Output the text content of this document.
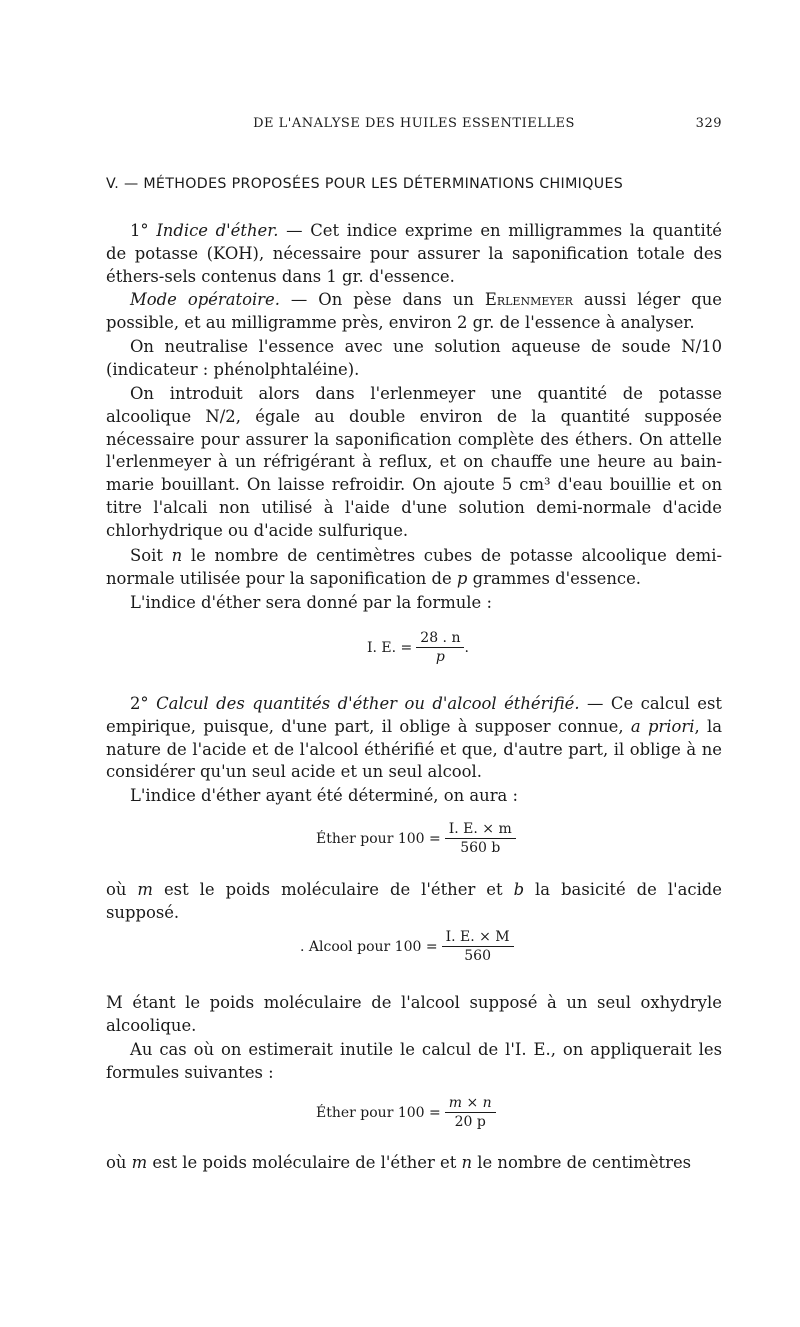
DE L'ANALYSE DES HUILES ESSENTIELLES	329
V. — MÉTHODES PROPOSÉES POUR LES DÉTERMINATIONS CHIMIQUES

1° Indice d'éther. — Cet indice exprime en milligrammes la quantité de potasse (KOH), nécessaire pour assurer la saponification totale des éthers-sels contenus dans 1 gr. d'essence.

Mode opératoire. — On pèse dans un Erlenmeyer aussi léger que possible, et au milligramme près, environ 2 gr. de l'essence à analyser.

On neutralise l'essence avec une solution aqueuse de soude N/10 (indicateur : phénolphtaléine).

On introduit alors dans l'erlenmeyer une quantité de potasse alcoolique N/2, égale au double environ de la quantité supposée nécessaire pour assurer la saponification complète des éthers. On attelle l'erlenmeyer à un réfrigérant à reflux, et on chauffe une heure au bain-marie bouillant. On laisse refroidir. On ajoute 5 cm³ d'eau bouillie et on titre l'alcali non utilisé à l'aide d'une solution demi-normale d'acide chlorhydrique ou d'acide sulfurique.

Soit n le nombre de centimètres cubes de potasse alcoolique demi-normale utilisée pour la saponification de p grammes d'essence.

L'indice d'éther sera donné par la formule :

I. E. = $\frac{28 . n}{p}$ .

2° Calcul des quantités d'éther ou d'alcool éthérifié. — Ce calcul est empirique, puisque, d'une part, il oblige à supposer connue, a priori, la nature de l'acide et de l'alcool éthérifié et que, d'autre part, il oblige à ne considérer qu'un seul acide et un seul alcool.

L'indice d'éther ayant été déterminé, on aura :

Éther pour $100 = \frac{I. E. \times m}{560 b}$

où m est le poids moléculaire de l'éther et b la basicité de l'acide supposé.

. Alcool pour $100 = \frac{I. E. \times M}{560}$

M étant le poids moléculaire de l'alcool supposé à un seul oxhydryle alcoolique.

Au cas où on estimerait inutile le calcul de l'I. E., on appliquerait les formules suivantes :

Éther pour $100 = \frac{m \times n}{20 p}$

où m est le poids moléculaire de l'éther et n le nombre de centimètres
